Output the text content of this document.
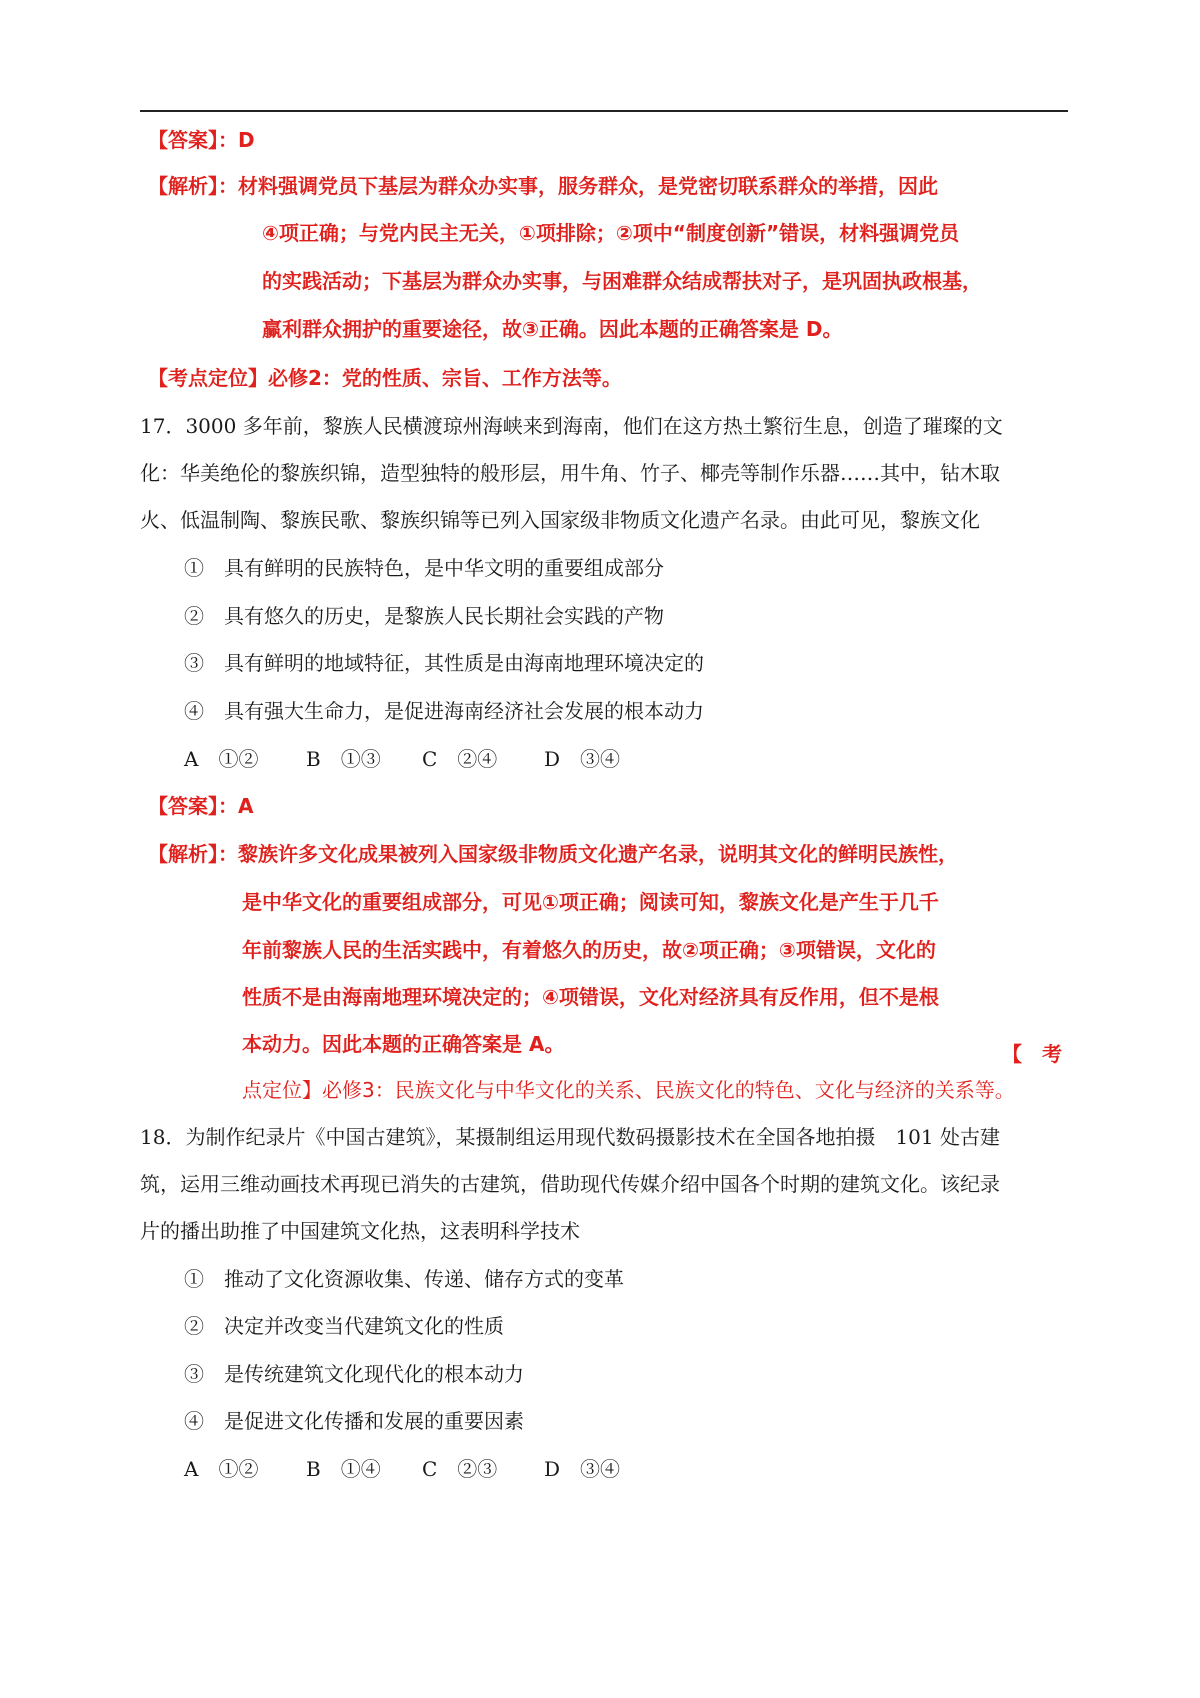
【答案】：D
【解析】：材料强调党员下基层为群众办实事，服务群众，是党密切联系群众的举措，因此
④项正确；与党内民主无关，①项排除；②项中“制度创新”错误，材料强调党员
的实践活动；下基层为群众办实事，与困难群众结成帮扶对子，是巩固执政根基，
赢利群众拥护的重要途径，故③正确。因此本题的正确答案是 D。
【考点定位】必修2：党的性质、宗旨、工作方法等。
17．3000 多年前，黎族人民横渡琼州海峡来到海南，他们在这方热土繁衍生息，创造了璀璨的文
化：华美绝伦的黎族织锦，造型独特的般形层，用牛角、竹子、椰壳等制作乐器……其中，钻木取
火、低温制陶、黎族民歌、黎族织锦等已列入国家级非物质文化遗产名录。由此可见，黎族文化
①　具有鲜明的民族特色，是中华文明的重要组成部分
②　具有悠久的历史，是黎族人民长期社会实践的产物
③　具有鲜明的地域特征，其性质是由海南地理环境决定的
④　具有强大生命力，是促进海南经济社会发展的根本动力
A　①② B　①③ C　②④ D　③④
【答案】：A
【解析】：黎族许多文化成果被列入国家级非物质文化遗产名录，说明其文化的鲜明民族性，
是中华文化的重要组成部分，可见①项正确；阅读可知，黎族文化是产生于几千
年前黎族人民的生活实践中，有着悠久的历史，故②项正确；③项错误，文化的
性质不是由海南地理环境决定的；④项错误，文化对经济具有反作用，但不是根
本动力。因此本题的正确答案是 A。	【　考
点定位】必修3：民族文化与中华文化的关系、民族文化的特色、文化与经济的关系等。
18．为制作纪录片《中国古建筑》，某摄制组运用现代数码摄影技术在全国各地拍摄　101 处古建
筑，运用三维动画技术再现已消失的古建筑，借助现代传媒介绍中国各个时期的建筑文化。该纪录
片的播出助推了中国建筑文化热，这表明科学技术
①　推动了文化资源收集、传递、储存方式的变革
②　决定并改变当代建筑文化的性质
③　是传统建筑文化现代化的根本动力
④　是促进文化传播和发展的重要因素
A　①② B　①④ C　②③ D　③④
